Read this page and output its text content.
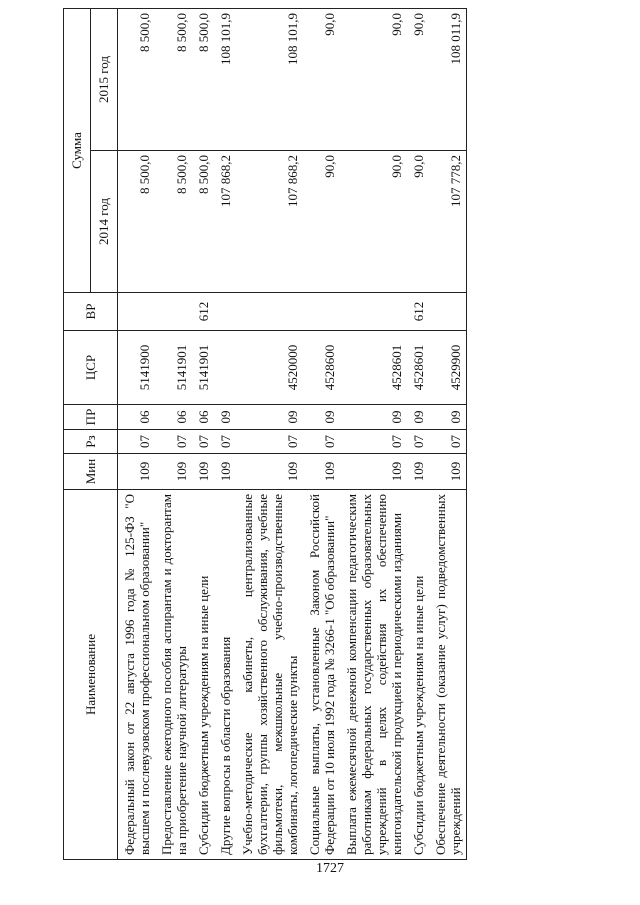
1727
Наименование	Мин	Рз	ПР	ЦСР	ВР	Сумма	
						2014 год	2015 год
Федеральный закон от 22 августа 1996 года № 125-ФЗ "О высшем и послевузовском профессиональном образовании"	109	07	06	5141900		8 500,0	8 500,0
Предоставление ежегодного пособия аспирантам и докторантам на приобретение научной литературы	109	07	06	5141901		8 500,0	8 500,0
Субсидии бюджетным учреждениям на иные цели	109	07	06	5141901	612	8 500,0	8 500,0
Другие вопросы в области образования	109	07	09			107 868,2	108 101,9
Учебно-методические кабинеты, централизованные бухгалтерии, группы хозяйственного обслуживания, учебные фильмотеки, межшкольные учебно-производственные комбинаты, логопедические пункты	109	07	09	4520000		107 868,2	108 101,9
Социальные выплаты, установленные Законом Российской Федерации от 10 июля 1992 года № 3266-1 "Об образовании"	109	07	09	4528600		90,0	90,0
Выплата ежемесячной денежной компенсации педагогическим работникам федеральных государственных образовательных учреждений в целях содействия их обеспечению книгоиздательской продукцией и периодическими изданиями	109	07	09	4528601		90,0	90,0
Субсидии бюджетным учреждениям на иные цели	109	07	09	4528601	612	90,0	90,0
Обеспечение деятельности (оказание услуг) подведомственных учреждений	109	07	09	4529900		107 778,2	108 011,9
